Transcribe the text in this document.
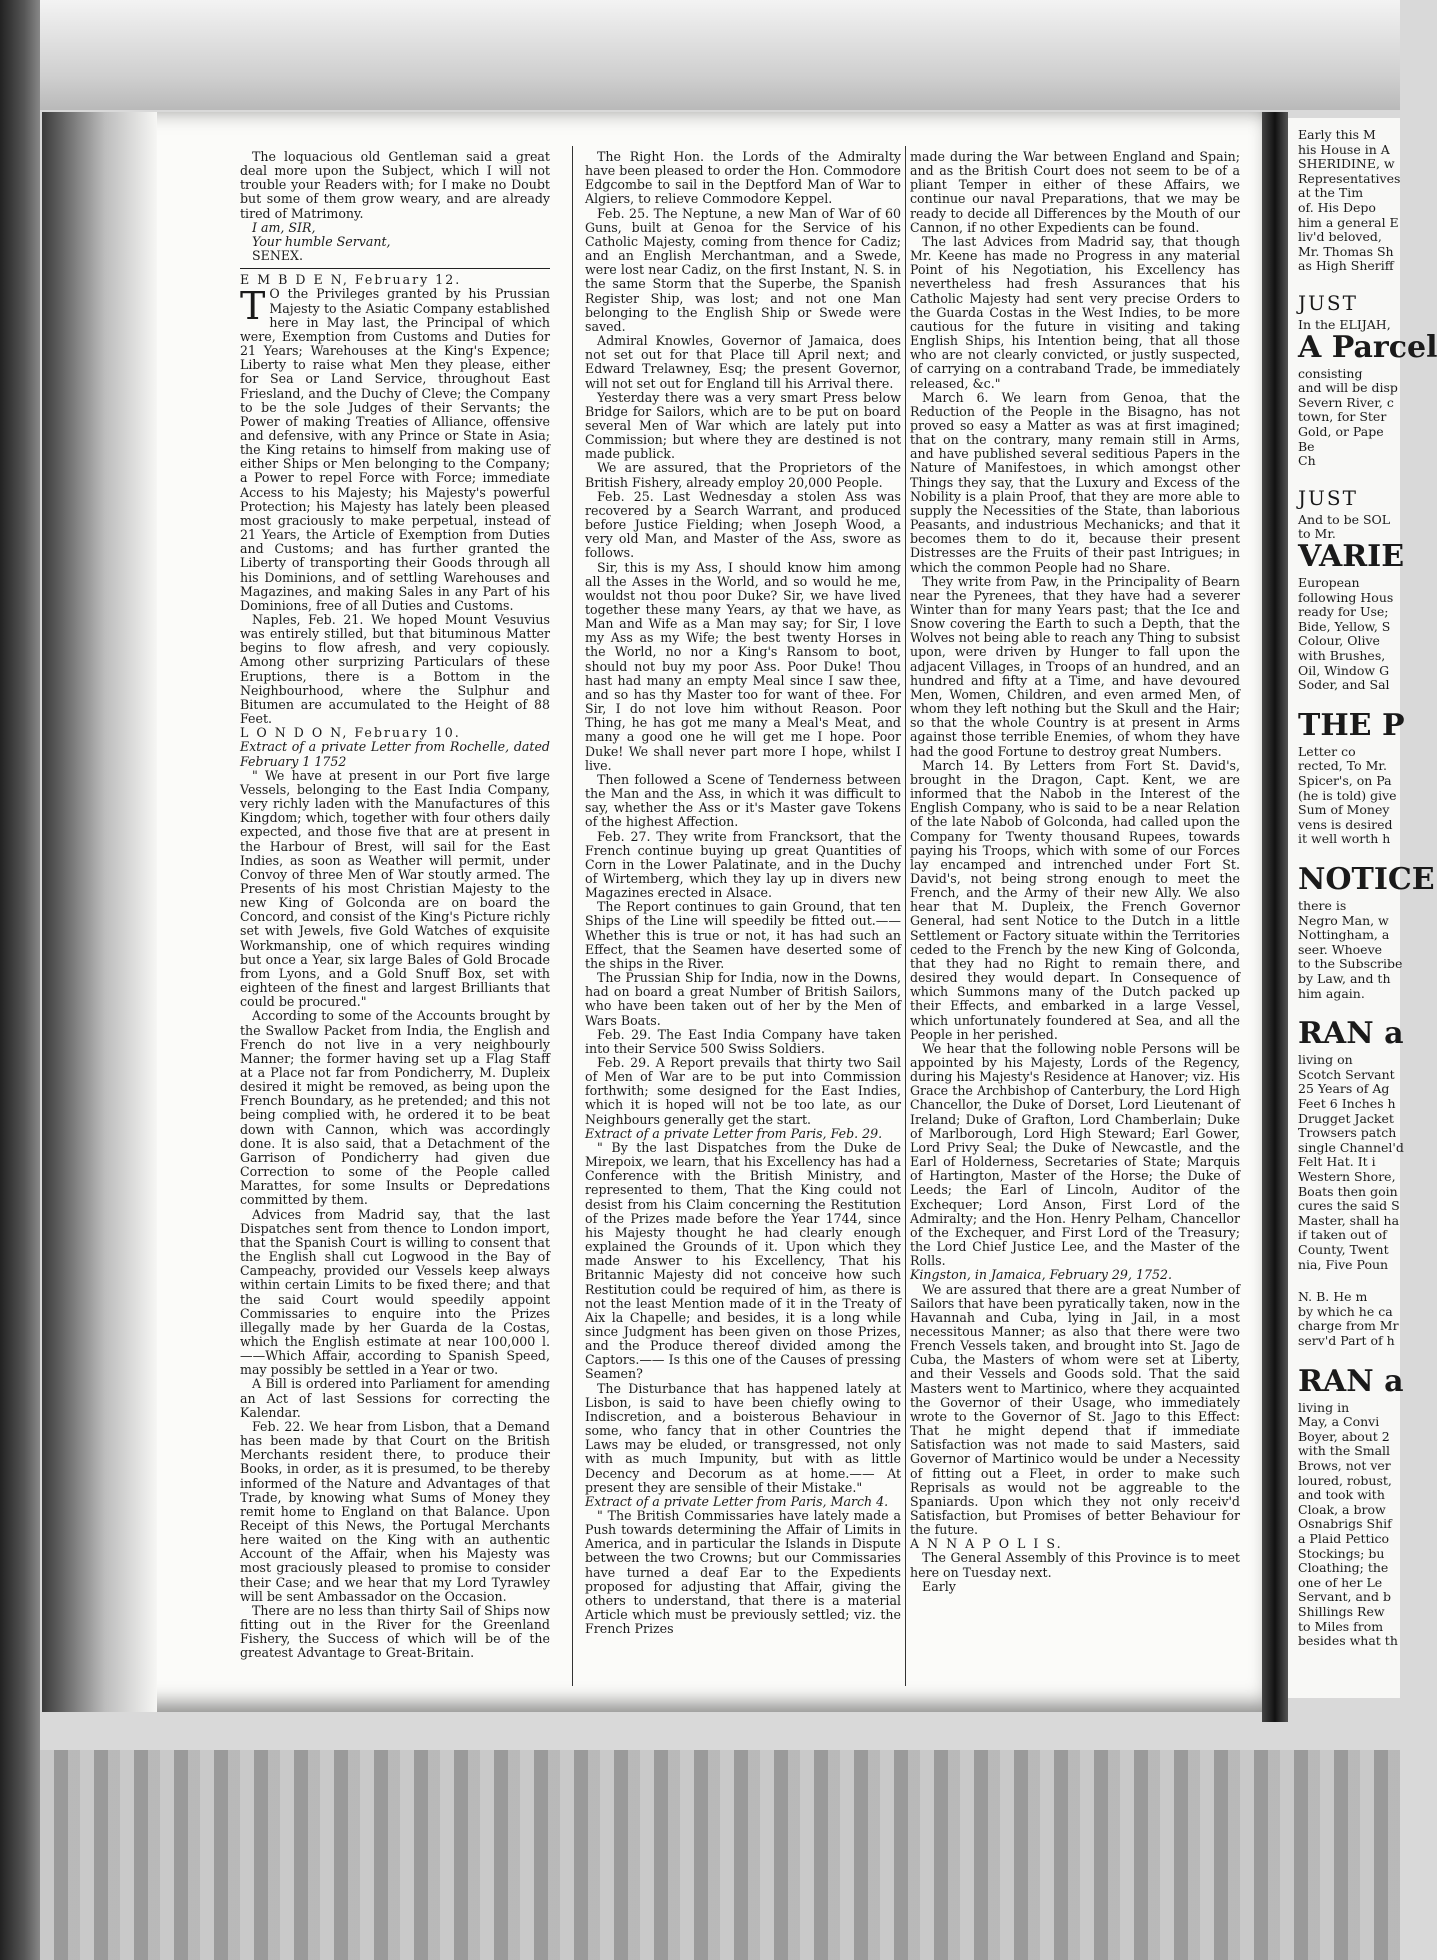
The loquacious old Gentleman said a great deal more upon the Subject, which I will not trouble your Readers with; for I make no Doubt but some of them grow weary, and are already tired of Matrimony.

I am, SIR,

Your humble Servant,

SENEX.

E M B D E N, February 12.

T O the Privileges granted by his Prussian Majesty to the Asiatic Company established here in May last, the Principal of which were, Exemption from Customs and Duties for 21 Years; Warehouses at the King's Expence; Liberty to raise what Men they please, either for Sea or Land Service, throughout East Friesland, and the Duchy of Cleve; the Company to be the sole Judges of their Servants; the Power of making Treaties of Alliance, offensive and defensive, with any Prince or State in Asia; the King retains to himself from making use of either Ships or Men belonging to the Company; a Power to repel Force with Force; immediate Access to his Majesty; his Majesty's powerful Protection; his Majesty has lately been pleased most graciously to make perpetual, instead of 21 Years, the Article of Exemption from Duties and Customs; and has further granted the Liberty of transporting their Goods through all his Dominions, and of settling Warehouses and Magazines, and making Sales in any Part of his Dominions, free of all Duties and Customs.

Naples, Feb. 21. We hoped Mount Vesuvius was entirely stilled, but that bituminous Matter begins to flow afresh, and very copiously. Among other surprizing Particulars of these Eruptions, there is a Bottom in the Neighbourhood, where the Sulphur and Bitumen are accumulated to the Height of 88 Feet.

L O N D O N, February 10.

Extract of a private Letter from Rochelle, dated February 1 1752

" We have at present in our Port five large Vessels, belonging to the East India Company, very richly laden with the Manufactures of this Kingdom; which, together with four others daily expected, and those five that are at present in the Harbour of Brest, will sail for the East Indies, as soon as Weather will permit, under Convoy of three Men of War stoutly armed. The Presents of his most Christian Majesty to the new King of Golconda are on board the Concord, and consist of the King's Picture richly set with Jewels, five Gold Watches of exquisite Workmanship, one of which requires winding but once a Year, six large Bales of Gold Brocade from Lyons, and a Gold Snuff Box, set with eighteen of the finest and largest Brilliants that could be procured."

According to some of the Accounts brought by the Swallow Packet from India, the English and French do not live in a very neighbourly Manner; the former having set up a Flag Staff at a Place not far from Pondicherry, M. Dupleix desired it might be removed, as being upon the French Boundary, as he pretended; and this not being complied with, he ordered it to be beat down with Cannon, which was accordingly done. It is also said, that a Detachment of the Garrison of Pondicherry had given due Correction to some of the People called Marattes, for some Insults or Depredations committed by them.

Advices from Madrid say, that the last Dispatches sent from thence to London import, that the Spanish Court is willing to consent that the English shall cut Logwood in the Bay of Campeachy, provided our Vessels keep always within certain Limits to be fixed there; and that the said Court would speedily appoint Commissaries to enquire into the Prizes illegally made by her Guarda de la Costas, which the English estimate at near 100,000 l. ——Which Affair, according to Spanish Speed, may possibly be settled in a Year or two.

A Bill is ordered into Parliament for amending an Act of last Sessions for correcting the Kalendar.

Feb. 22. We hear from Lisbon, that a Demand has been made by that Court on the British Merchants resident there, to produce their Books, in order, as it is presumed, to be thereby informed of the Nature and Advantages of that Trade, by knowing what Sums of Money they remit home to England on that Balance. Upon Receipt of this News, the Portugal Merchants here waited on the King with an authentic Account of the Affair, when his Majesty was most graciously pleased to promise to consider their Case; and we hear that my Lord Tyrawley will be sent Ambassador on the Occasion.

There are no less than thirty Sail of Ships now fitting out in the River for the Greenland Fishery, the Success of which will be of the greatest Advantage to Great-Britain.

The Right Hon. the Lords of the Admiralty have been pleased to order the Hon. Commodore Edgcombe to sail in the Deptford Man of War to Algiers, to relieve Commodore Keppel.

Feb. 25. The Neptune, a new Man of War of 60 Guns, built at Genoa for the Service of his Catholic Majesty, coming from thence for Cadiz; and an English Merchantman, and a Swede, were lost near Cadiz, on the first Instant, N. S. in the same Storm that the Superbe, the Spanish Register Ship, was lost; and not one Man belonging to the English Ship or Swede were saved.

Admiral Knowles, Governor of Jamaica, does not set out for that Place till April next; and Edward Trelawney, Esq; the present Governor, will not set out for England till his Arrival there.

Yesterday there was a very smart Press below Bridge for Sailors, which are to be put on board several Men of War which are lately put into Commission; but where they are destined is not made publick.

We are assured, that the Proprietors of the British Fishery, already employ 20,000 People.

Feb. 25. Last Wednesday a stolen Ass was recovered by a Search Warrant, and produced before Justice Fielding; when Joseph Wood, a very old Man, and Master of the Ass, swore as follows.

Sir, this is my Ass, I should know him among all the Asses in the World, and so would he me, wouldst not thou poor Duke? Sir, we have lived together these many Years, ay that we have, as Man and Wife as a Man may say; for Sir, I love my Ass as my Wife; the best twenty Horses in the World, no nor a King's Ransom to boot, should not buy my poor Ass. Poor Duke! Thou hast had many an empty Meal since I saw thee, and so has thy Master too for want of thee. For Sir, I do not love him without Reason. Poor Thing, he has got me many a Meal's Meat, and many a good one he will get me I hope. Poor Duke! We shall never part more I hope, whilst I live.

Then followed a Scene of Tenderness between the Man and the Ass, in which it was difficult to say, whether the Ass or it's Master gave Tokens of the highest Affection.

Feb. 27. They write from Francksort, that the French continue buying up great Quantities of Corn in the Lower Palatinate, and in the Duchy of Wirtemberg, which they lay up in divers new Magazines erected in Alsace.

The Report continues to gain Ground, that ten Ships of the Line will speedily be fitted out.—— Whether this is true or not, it has had such an Effect, that the Seamen have deserted some of the ships in the River.

The Prussian Ship for India, now in the Downs, had on board a great Number of British Sailors, who have been taken out of her by the Men of Wars Boats.

Feb. 29. The East India Company have taken into their Service 500 Swiss Soldiers.

Feb. 29. A Report prevails that thirty two Sail of Men of War are to be put into Commission forthwith; some designed for the East Indies, which it is hoped will not be too late, as our Neighbours generally get the start.

Extract of a private Letter from Paris, Feb. 29.

" By the last Dispatches from the Duke de Mirepoix, we learn, that his Excellency has had a Conference with the British Ministry, and represented to them, That the King could not desist from his Claim concerning the Restitution of the Prizes made before the Year 1744, since his Majesty thought he had clearly enough explained the Grounds of it. Upon which they made Answer to his Excellency, That his Britannic Majesty did not conceive how such Restitution could be required of him, as there is not the least Mention made of it in the Treaty of Aix la Chapelle; and besides, it is a long while since Judgment has been given on those Prizes, and the Produce thereof divided among the Captors.—— Is this one of the Causes of pressing Seamen?

The Disturbance that has happened lately at Lisbon, is said to have been chiefly owing to Indiscretion, and a boisterous Behaviour in some, who fancy that in other Countries the Laws may be eluded, or transgressed, not only with as much Impunity, but with as little Decency and Decorum as at home.—— At present they are sensible of their Mistake."

Extract of a private Letter from Paris, March 4.

" The British Commissaries have lately made a Push towards determining the Affair of Limits in America, and in particular the Islands in Dispute between the two Crowns; but our Commissaries have turned a deaf Ear to the Expedients proposed for adjusting that Affair, giving the others to understand, that there is a material Article which must be previously settled; viz. the French Prizes

made during the War between England and Spain; and as the British Court does not seem to be of a pliant Temper in either of these Affairs, we continue our naval Preparations, that we may be ready to decide all Differences by the Mouth of our Cannon, if no other Expedients can be found.

The last Advices from Madrid say, that though Mr. Keene has made no Progress in any material Point of his Negotiation, his Excellency has nevertheless had fresh Assurances that his Catholic Majesty had sent very precise Orders to the Guarda Costas in the West Indies, to be more cautious for the future in visiting and taking English Ships, his Intention being, that all those who are not clearly convicted, or justly suspected, of carrying on a contraband Trade, be immediately released, &c."

March 6. We learn from Genoa, that the Reduction of the People in the Bisagno, has not proved so easy a Matter as was at first imagined; that on the contrary, many remain still in Arms, and have published several seditious Papers in the Nature of Manifestoes, in which amongst other Things they say, that the Luxury and Excess of the Nobility is a plain Proof, that they are more able to supply the Necessities of the State, than laborious Peasants, and industrious Mechanicks; and that it becomes them to do it, because their present Distresses are the Fruits of their past Intrigues; in which the common People had no Share.

They write from Paw, in the Principality of Bearn near the Pyrenees, that they have had a severer Winter than for many Years past; that the Ice and Snow covering the Earth to such a Depth, that the Wolves not being able to reach any Thing to subsist upon, were driven by Hunger to fall upon the adjacent Villages, in Troops of an hundred, and an hundred and fifty at a Time, and have devoured Men, Women, Children, and even armed Men, of whom they left nothing but the Skull and the Hair; so that the whole Country is at present in Arms against those terrible Enemies, of whom they have had the good Fortune to destroy great Numbers.

March 14. By Letters from Fort St. David's, brought in the Dragon, Capt. Kent, we are informed that the Nabob in the Interest of the English Company, who is said to be a near Relation of the late Nabob of Golconda, had called upon the Company for Twenty thousand Rupees, towards paying his Troops, which with some of our Forces lay encamped and intrenched under Fort St. David's, not being strong enough to meet the French, and the Army of their new Ally. We also hear that M. Dupleix, the French Governor General, had sent Notice to the Dutch in a little Settlement or Factory situate within the Territories ceded to the French by the new King of Golconda, that they had no Right to remain there, and desired they would depart. In Consequence of which Summons many of the Dutch packed up their Effects, and embarked in a large Vessel, which unfortunately foundered at Sea, and all the People in her perished.

We hear that the following noble Persons will be appointed by his Majesty, Lords of the Regency, during his Majesty's Residence at Hanover; viz. His Grace the Archbishop of Canterbury, the Lord High Chancellor, the Duke of Dorset, Lord Lieutenant of Ireland; Duke of Grafton, Lord Chamberlain; Duke of Marlborough, Lord High Steward; Earl Gower, Lord Privy Seal; the Duke of Newcastle, and the Earl of Holderness, Secretaries of State; Marquis of Hartington, Master of the Horse; the Duke of Leeds; the Earl of Lincoln, Auditor of the Exchequer; Lord Anson, First Lord of the Admiralty; and the Hon. Henry Pelham, Chancellor of the Exchequer, and First Lord of the Treasury; the Lord Chief Justice Lee, and the Master of the Rolls.

Kingston, in Jamaica, February 29, 1752.

We are assured that there are a great Number of Sailors that have been pyratically taken, now in the Havannah and Cuba, lying in Jail, in a most necessitous Manner; as also that there were two French Vessels taken, and brought into St. Jago de Cuba, the Masters of whom were set at Liberty, and their Vessels and Goods sold. That the said Masters went to Martinico, where they acquainted the Governor of their Usage, who immediately wrote to the Governor of St. Jago to this Effect: That he might depend that if immediate Satisfaction was not made to said Masters, said Governor of Martinico would be under a Necessity of fitting out a Fleet, in order to make such Reprisals as would not be aggreable to the Spaniards. Upon which they not only receiv'd Satisfaction, but Promises of better Behaviour for the future.

A N N A P O L I S.

The General Assembly of this Province is to meet here on Tuesday next.

Early

Early this M
his House in A
SHERIDINE, w
Representatives
at the Tim
of. His Depo
him a general E
liv'd beloved,
Mr. Thomas Sh
as High Sheriff
JUST
In the ELIJAH,
A Parcel
consisting
and will be disp
Severn River, c
town, for Ster
Gold, or Pape
Be
Ch
JUST
And to be SOL
to Mr.
VARIE
European
following Hous
ready for Use;
Bide, Yellow, S
Colour, Olive
with Brushes,
Oil, Window G
Soder, and Sal
THE P
Letter co
rected, To Mr.
Spicer's, on Pa
(he is told) give
Sum of Money
vens is desired
it well worth h
NOTICE
there is
Negro Man, w
Nottingham, a
seer. Whoeve
to the Subscribe
by Law, and th
him again.
RAN a
living on
Scotch Servant
25 Years of Ag
Feet 6 Inches h
Drugget Jacket
Trowsers patch
single Channel'd
Felt Hat. It i
Western Shore,
Boats then goin
cures the said S
Master, shall ha
if taken out of
County, Twent
nia, Five Poun
N. B. He m
by which he ca
charge from Mr
serv'd Part of h
RAN a
living in
May, a Convi
Boyer, about 2
with the Small
Brows, not ver
loured, robust,
and took with
Cloak, a brow
Osnabrigs Shif
a Plaid Pettico
Stockings; bu
Cloathing; the
one of her Le
Servant, and b
Shillings Rew
to Miles from
besides what th
